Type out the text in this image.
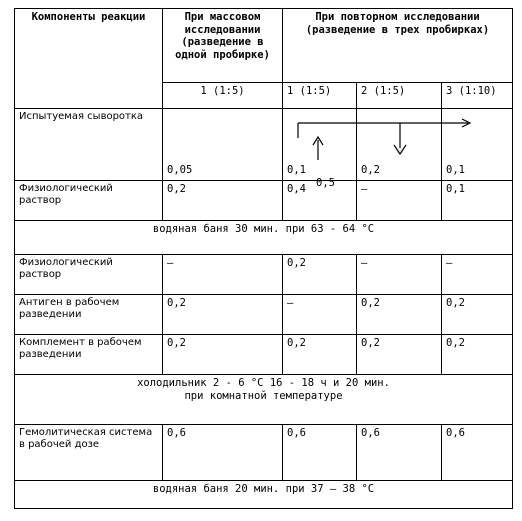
Компоненты реакции	При массовом исследовании (разведение в одной пробирке)	При повторном исследовании (разведение в трех пробирках)		
	1 (1:5)	1 (1:5)	2 (1:5)	3 (1:10)
Испытуемая сыворотка	0,05	0,1	0,2	0,1

Физиологический раствор	0,2	0,4	–	0,1
водяная баня 30 мин. при 63 - 64 °С				
Физиологический раствор	–	0,2	–	–
Антиген в рабочем разведении	0,2	–	0,2	0,2
Комплемент в рабочем разведении	0,2	0,2	0,2	0,2

холодильник 2 - 6 °С 16 - 18 ч и 20 мин.
при комнатной температуре				

Гемолитическая система в рабочей дозе	0,6	0,6	0,6	0,6
водяная баня 20 мин. при 37 – 38 °С				
0,5
